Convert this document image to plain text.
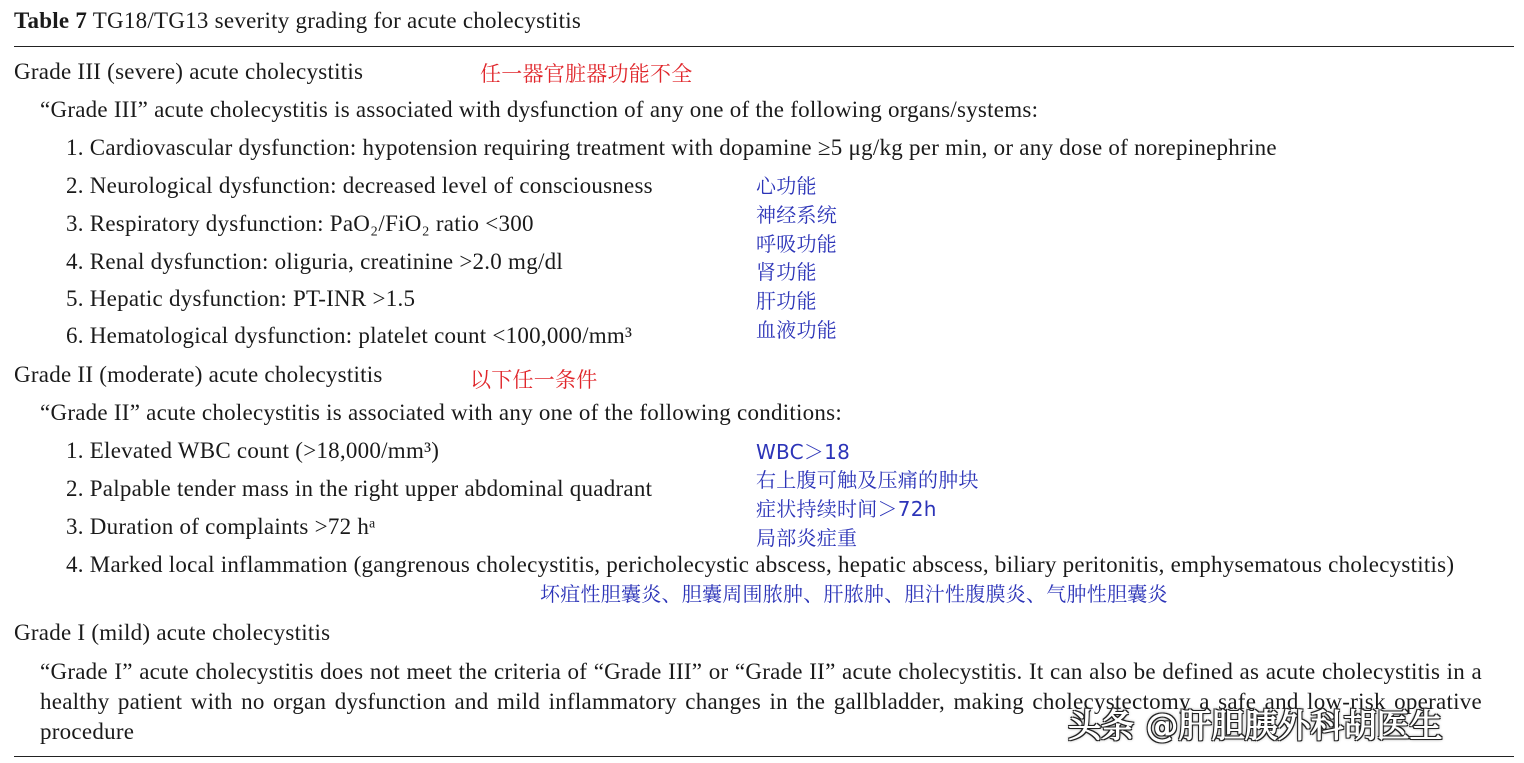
Table 7 TG18/TG13 severity grading for acute cholecystitis
Grade III (severe) acute cholecystitis	任一器官脏器功能不全
“Grade III” acute cholecystitis is associated with dysfunction of any one of the following organs/systems:
1. Cardiovascular dysfunction: hypotension requiring treatment with dopamine ≥5 μg/kg per min, or any dose of norepinephrine
2. Neurological dysfunction: decreased level of consciousness
3. Respiratory dysfunction: PaO₂/FiO₂ ratio <300
4. Renal dysfunction: oliguria, creatinine >2.0 mg/dl
5. Hepatic dysfunction: PT-INR >1.5
6. Hematological dysfunction: platelet count <100,000/mm³
心功能
神经系统
呼吸功能
肾功能
肝功能
血液功能
Grade II (moderate) acute cholecystitis	以下任一条件
“Grade II” acute cholecystitis is associated with any one of the following conditions:
1. Elevated WBC count (>18,000/mm³)
2. Palpable tender mass in the right upper abdominal quadrant
3. Duration of complaints >72 hᵃ
4. Marked local inflammation (gangrenous cholecystitis, pericholecystic abscess, hepatic abscess, biliary peritonitis, emphysematous cholecystitis)
WBC＞18
右上腹可触及压痛的肿块
症状持续时间＞72h
局部炎症重
坏疽性胆囊炎、胆囊周围脓肿、肝脓肿、胆汁性腹膜炎、气肿性胆囊炎
Grade I (mild) acute cholecystitis
“Grade I” acute cholecystitis does not meet the criteria of “Grade III” or “Grade II” acute cholecystitis. It can also be defined as acute cholecystitis in a healthy patient with no organ dysfunction and mild inflammatory changes in the gallbladder, making cholecystectomy a safe and low-risk operative procedure	头条 @肝胆胰外科胡医生
